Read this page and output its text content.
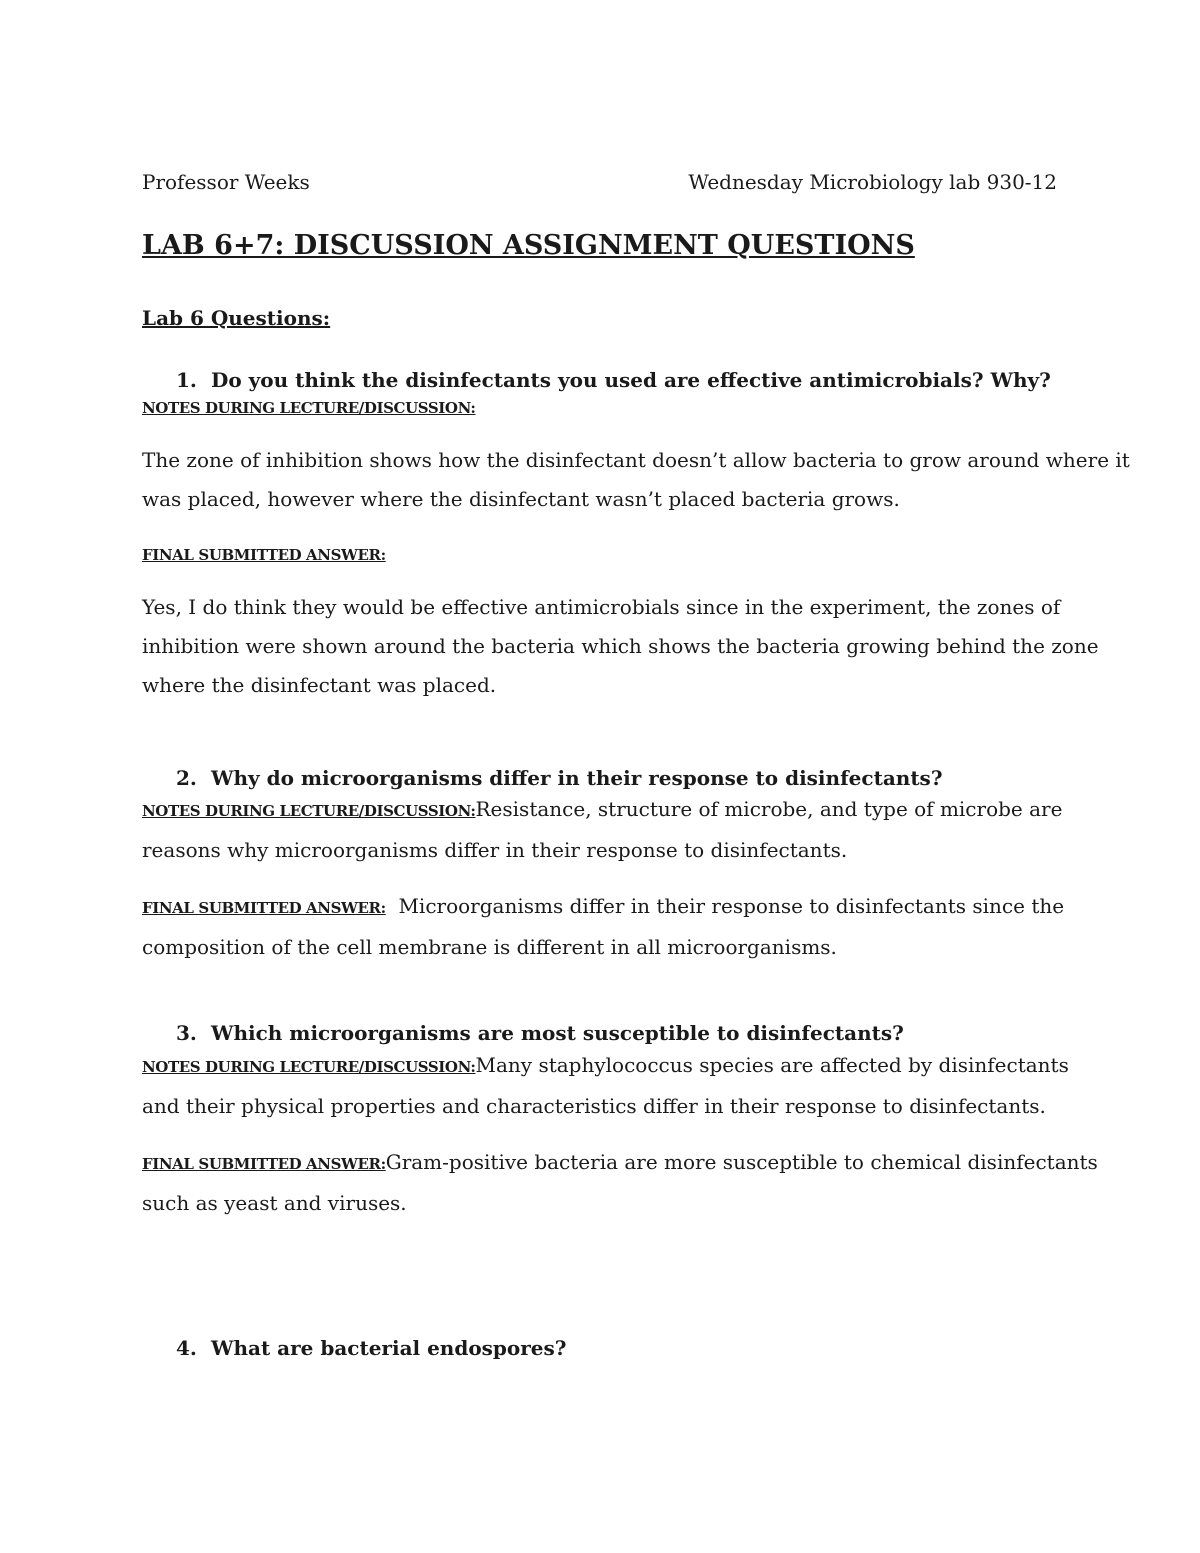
Professor Weeks	Wednesday Microbiology lab 930-12
LAB 6+7: DISCUSSION ASSIGNMENT QUESTIONS
Lab 6 Questions:
1. Do you think the disinfectants you used are effective antimicrobials? Why?
NOTES DURING LECTURE/DISCUSSION:
The zone of inhibition shows how the disinfectant doesn’t allow bacteria to grow around where it
was placed, however where the disinfectant wasn’t placed bacteria grows.
FINAL SUBMITTED ANSWER:
Yes, I do think they would be effective antimicrobials since in the experiment, the zones of
inhibition were shown around the bacteria which shows the bacteria growing behind the zone
where the disinfectant was placed.
2. Why do microorganisms differ in their response to disinfectants?
NOTES DURING LECTURE/DISCUSSION:Resistance, structure of microbe, and type of microbe are
reasons why microorganisms differ in their response to disinfectants.
FINAL SUBMITTED ANSWER: Microorganisms differ in their response to disinfectants since the
composition of the cell membrane is different in all microorganisms.
3. Which microorganisms are most susceptible to disinfectants?
NOTES DURING LECTURE/DISCUSSION:Many staphylococcus species are affected by disinfectants
and their physical properties and characteristics differ in their response to disinfectants.
FINAL SUBMITTED ANSWER:Gram-positive bacteria are more susceptible to chemical disinfectants
such as yeast and viruses.
4. What are bacterial endospores?
